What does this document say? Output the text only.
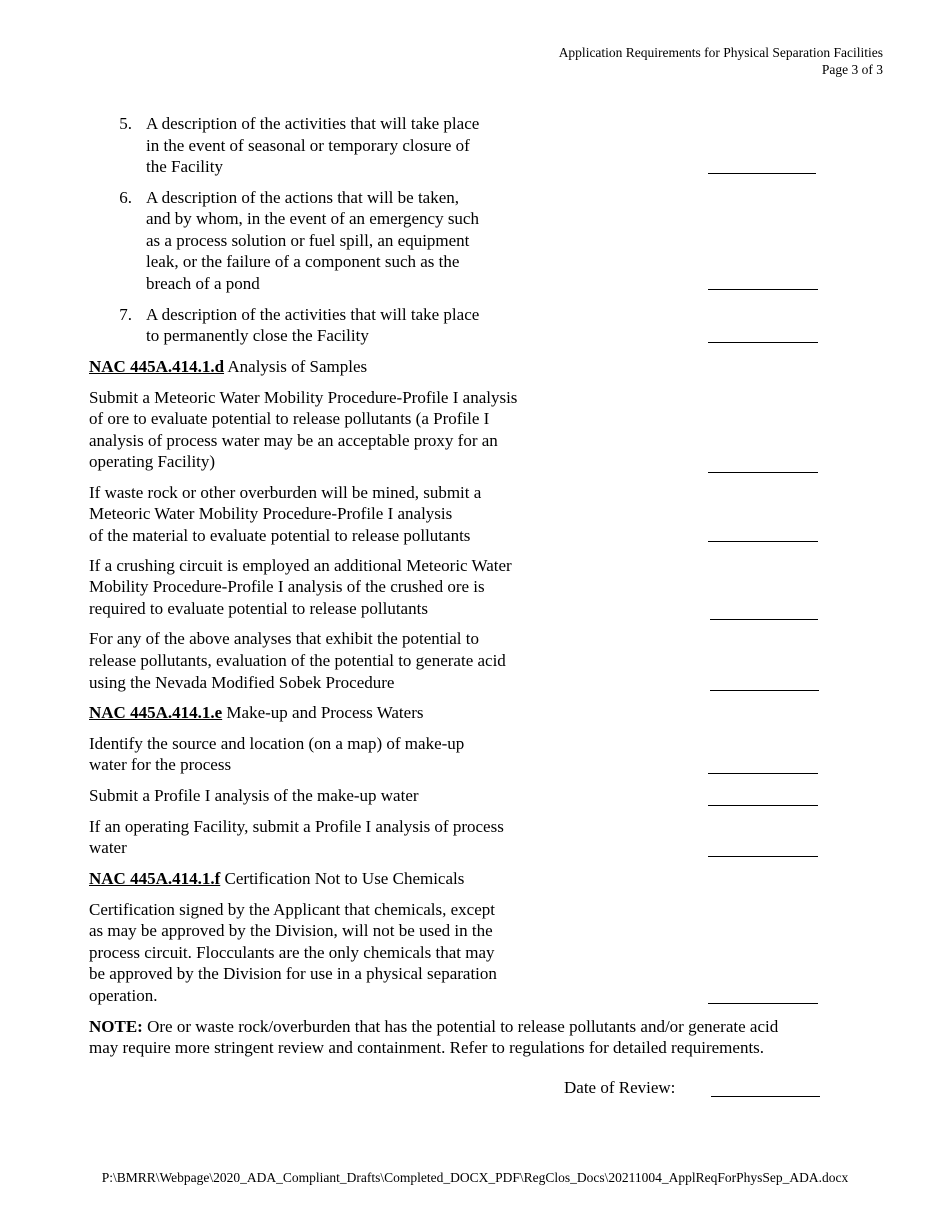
Application Requirements for Physical Separation Facilities
Page 3 of 3
5. A description of the activities that will take place

in the event of seasonal or temporary closure of

the Facility

6. A description of the actions that will be taken,

and by whom, in the event of an emergency such

as a process solution or fuel spill, an equipment

leak, or the failure of a component such as the

breach of a pond

7. A description of the activities that will take place

to permanently close the Facility

NAC 445A.414.1.d Analysis of Samples

Submit a Meteoric Water Mobility Procedure-Profile I analysis

of ore to evaluate potential to release pollutants (a Profile I

analysis of process water may be an acceptable proxy for an

operating Facility)

If waste rock or other overburden will be mined, submit a

Meteoric Water Mobility Procedure-Profile I analysis

of the material to evaluate potential to release pollutants

If a crushing circuit is employed an additional Meteoric Water

Mobility Procedure-Profile I analysis of the crushed ore is

required to evaluate potential to release pollutants

For any of the above analyses that exhibit the potential to

release pollutants, evaluation of the potential to generate acid

using the Nevada Modified Sobek Procedure

NAC 445A.414.1.e Make-up and Process Waters

Identify the source and location (on a map) of make-up

water for the process

Submit a Profile I analysis of the make-up water

If an operating Facility, submit a Profile I analysis of process

water

NAC 445A.414.1.f Certification Not to Use Chemicals

Certification signed by the Applicant that chemicals, except

as may be approved by the Division, will not be used in the

process circuit. Flocculants are the only chemicals that may

be approved by the Division for use in a physical separation

operation.

NOTE: Ore or waste rock/overburden that has the potential to release pollutants and/or generate acid

may require more stringent review and containment. Refer to regulations for detailed requirements.

Date of Review:

P:\BMRR\Webpage\2020_ADA_Compliant_Drafts\Completed_DOCX_PDF\RegClos_Docs\20211004_ApplReqForPhysSep_ADA.docx
